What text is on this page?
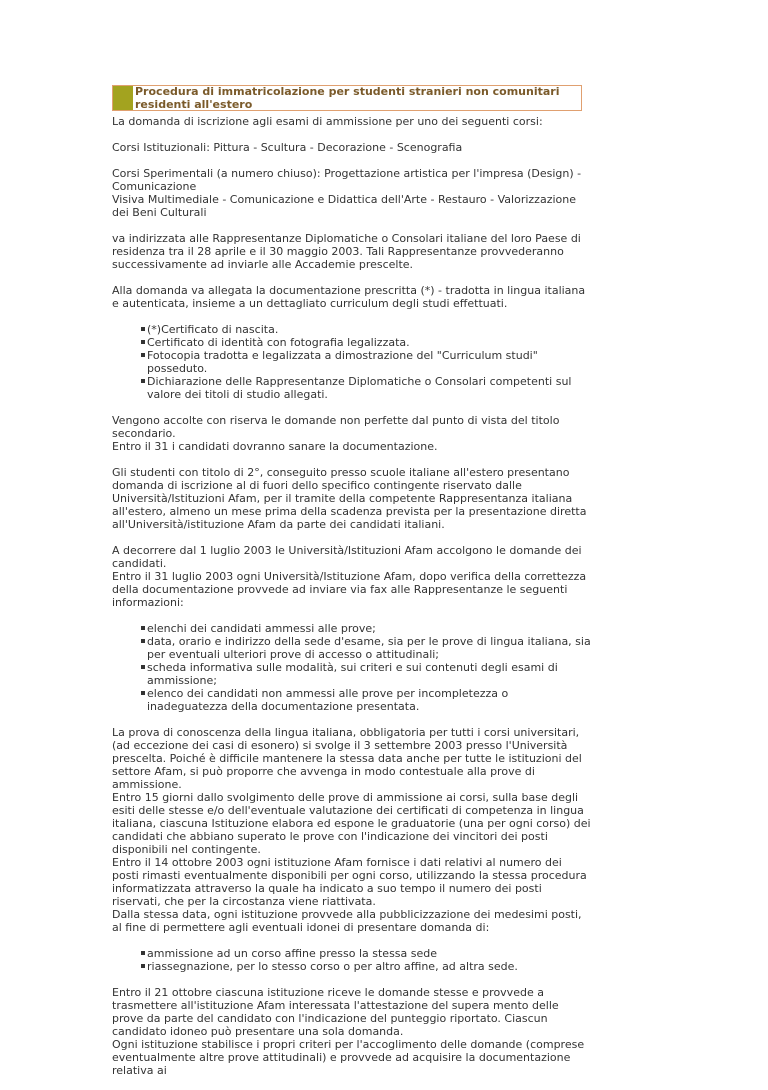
Procedura di immatricolazione per studenti stranieri non comunitari residenti all'estero

La domanda di iscrizione agli esami di ammissione per uno dei seguenti corsi:

Corsi Istituzionali: Pittura - Scultura - Decorazione - Scenografia

Corsi Sperimentali (a numero chiuso): Progettazione artistica per l'impresa (Design) - Comunicazione
Visiva Multimediale - Comunicazione e Didattica dell'Arte - Restauro - Valorizzazione dei Beni Culturali

va indirizzata alle Rappresentanze Diplomatiche o Consolari italiane del loro Paese di residenza tra il 28 aprile e il 30 maggio 2003. Tali Rappresentanze provvederanno successivamente ad inviarle alle Accademie prescelte.

Alla domanda va allegata la documentazione prescritta (*) - tradotta in lingua italiana e autenticata, insieme a un dettagliato curriculum degli studi effettuati.

(*)Certificato di nascita.
Certificato di identità con fotografia legalizzata.
Fotocopia tradotta e legalizzata a dimostrazione del "Curriculum studi" posseduto.
Dichiarazione delle Rappresentanze Diplomatiche o Consolari competenti sul valore dei titoli di studio allegati.

Vengono accolte con riserva le domande non perfette dal punto di vista del titolo secondario.
Entro il 31 i candidati dovranno sanare la documentazione.

Gli studenti con titolo di 2°, conseguito presso scuole italiane all'estero presentano domanda di iscrizione al di fuori dello specifico contingente riservato dalle Università/Istituzioni Afam, per il tramite della competente Rappresentanza italiana all'estero, almeno un mese prima della scadenza prevista per la presentazione diretta all'Università/istituzione Afam da parte dei candidati italiani.

A decorrere dal 1 luglio 2003 le Università/Istituzioni Afam accolgono le domande dei candidati.
Entro il 31 luglio 2003 ogni Università/Istituzione Afam, dopo verifica della correttezza della documentazione provvede ad inviare via fax alle Rappresentanze le seguenti informazioni:

elenchi dei candidati ammessi alle prove;
data, orario e indirizzo della sede d'esame, sia per le prove di lingua italiana, sia per eventuali ulteriori prove di accesso o attitudinali;
scheda informativa sulle modalità, sui criteri e sui contenuti degli esami di ammissione;
elenco dei candidati non ammessi alle prove per incompletezza o inadeguatezza della documentazione presentata.

La prova di conoscenza della lingua italiana, obbligatoria per tutti i corsi universitari, (ad eccezione dei casi di esonero) si svolge il 3 settembre 2003 presso l'Università prescelta. Poiché è difficile mantenere la stessa data anche per tutte le istituzioni del settore Afam, si può proporre che avvenga in modo contestuale alla prove di ammissione.
Entro 15 giorni dallo svolgimento delle prove di ammissione ai corsi, sulla base degli esiti delle stesse e/o dell'eventuale valutazione dei certificati di competenza in lingua italiana, ciascuna Istituzione elabora ed espone le graduatorie (una per ogni corso) dei candidati che abbiano superato le prove con l'indicazione dei vincitori dei posti disponibili nel contingente.
Entro il 14 ottobre 2003 ogni istituzione Afam fornisce i dati relativi al numero dei posti rimasti eventualmente disponibili per ogni corso, utilizzando la stessa procedura informatizzata attraverso la quale ha indicato a suo tempo il numero dei posti riservati, che per la circostanza viene riattivata.
Dalla stessa data, ogni istituzione provvede alla pubblicizzazione dei medesimi posti, al fine di permettere agli eventuali idonei di presentare domanda di:

ammissione ad un corso affine presso la stessa sede
riassegnazione, per lo stesso corso o per altro affine, ad altra sede.

Entro il 21 ottobre ciascuna istituzione riceve le domande stesse e provvede a trasmettere all'istituzione Afam interessata l'attestazione del supera mento delle prove da parte del candidato con l'indicazione del punteggio riportato. Ciascun candidato idoneo può presentare una sola domanda.
Ogni istituzione stabilisce i propri criteri per l'accoglimento delle domande (comprese eventualmente altre prove attitudinali) e provvede ad acquisire la documentazione relativa ai
